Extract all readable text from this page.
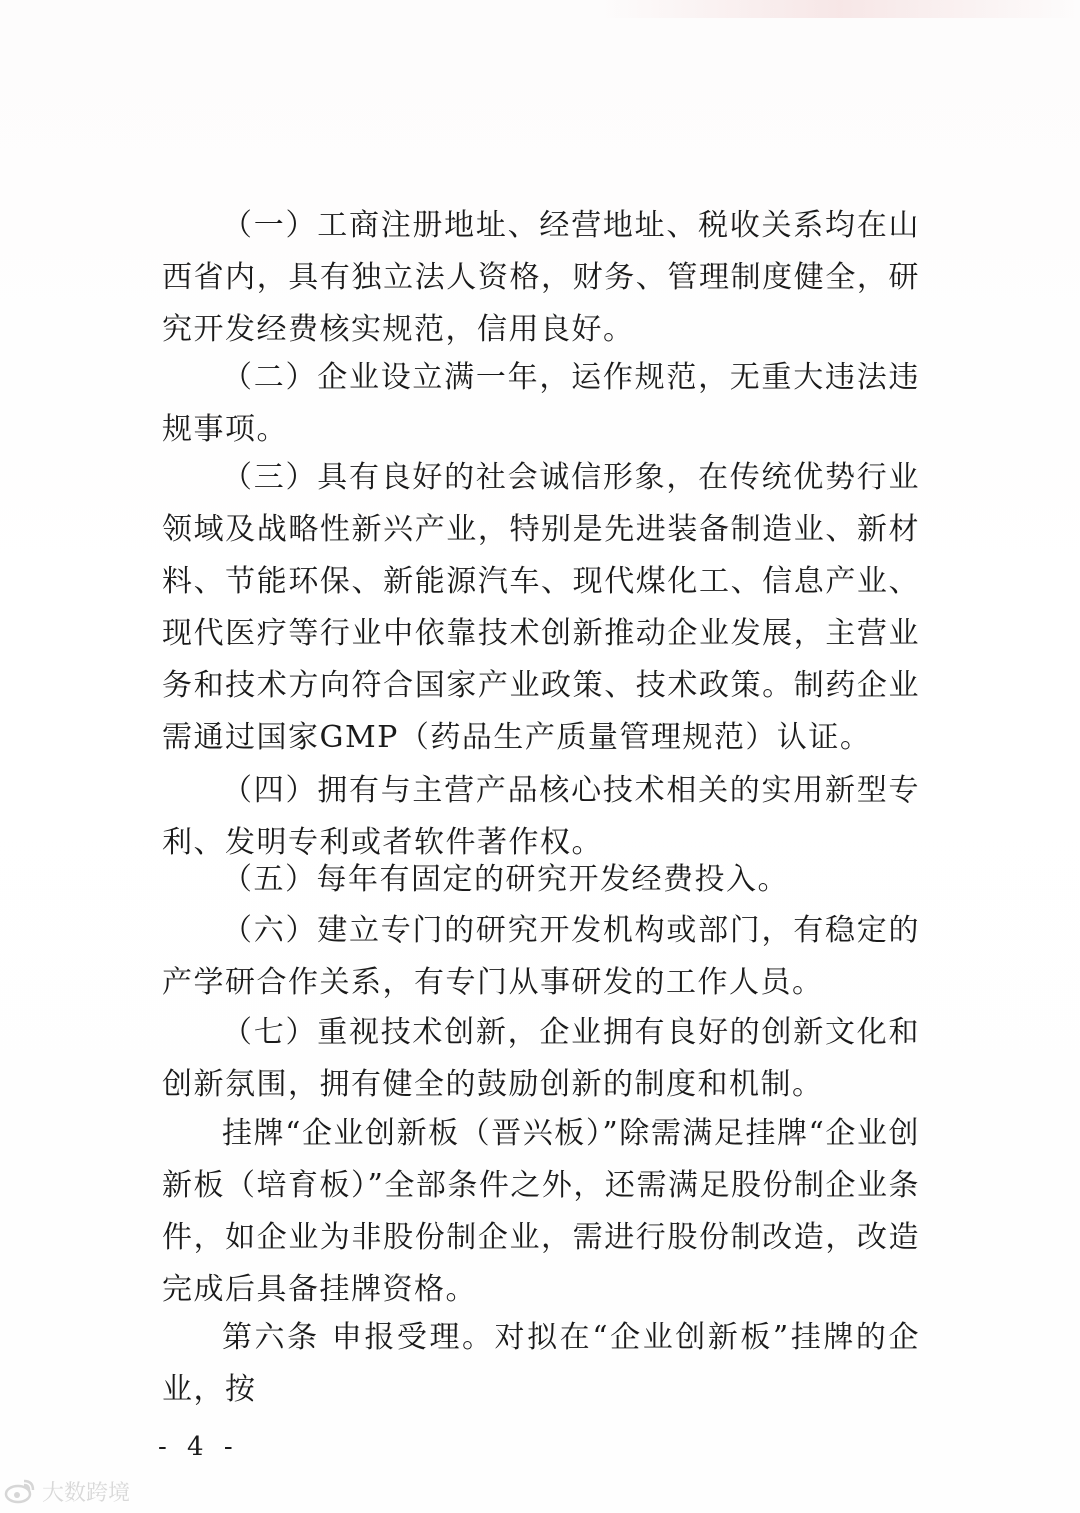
（一）工商注册地址、经营地址、税收关系均在山西省内，具有独立法人资格，财务、管理制度健全，研究开发经费核实规范，信用良好。

（二）企业设立满一年，运作规范，无重大违法违规事项。

（三）具有良好的社会诚信形象，在传统优势行业领域及战略性新兴产业，特别是先进装备制造业、新材料、节能环保、新能源汽车、现代煤化工、信息产业、现代医疗等行业中依靠技术创新推动企业发展，主营业务和技术方向符合国家产业政策、技术政策。制药企业需通过国家GMP（药品生产质量管理规范）认证。

（四）拥有与主营产品核心技术相关的实用新型专利、发明专利或者软件著作权。

（五）每年有固定的研究开发经费投入。

（六）建立专门的研究开发机构或部门，有稳定的产学研合作关系，有专门从事研发的工作人员。

（七）重视技术创新，企业拥有良好的创新文化和创新氛围，拥有健全的鼓励创新的制度和机制。

挂牌“企业创新板（晋兴板）”除需满足挂牌“企业创新板（培育板）”全部条件之外，还需满足股份制企业条件，如企业为非股份制企业，需进行股份制改造，改造完成后具备挂牌资格。

第六条 申报受理。对拟在“企业创新板”挂牌的企业，按

- 4 -
大数跨境
